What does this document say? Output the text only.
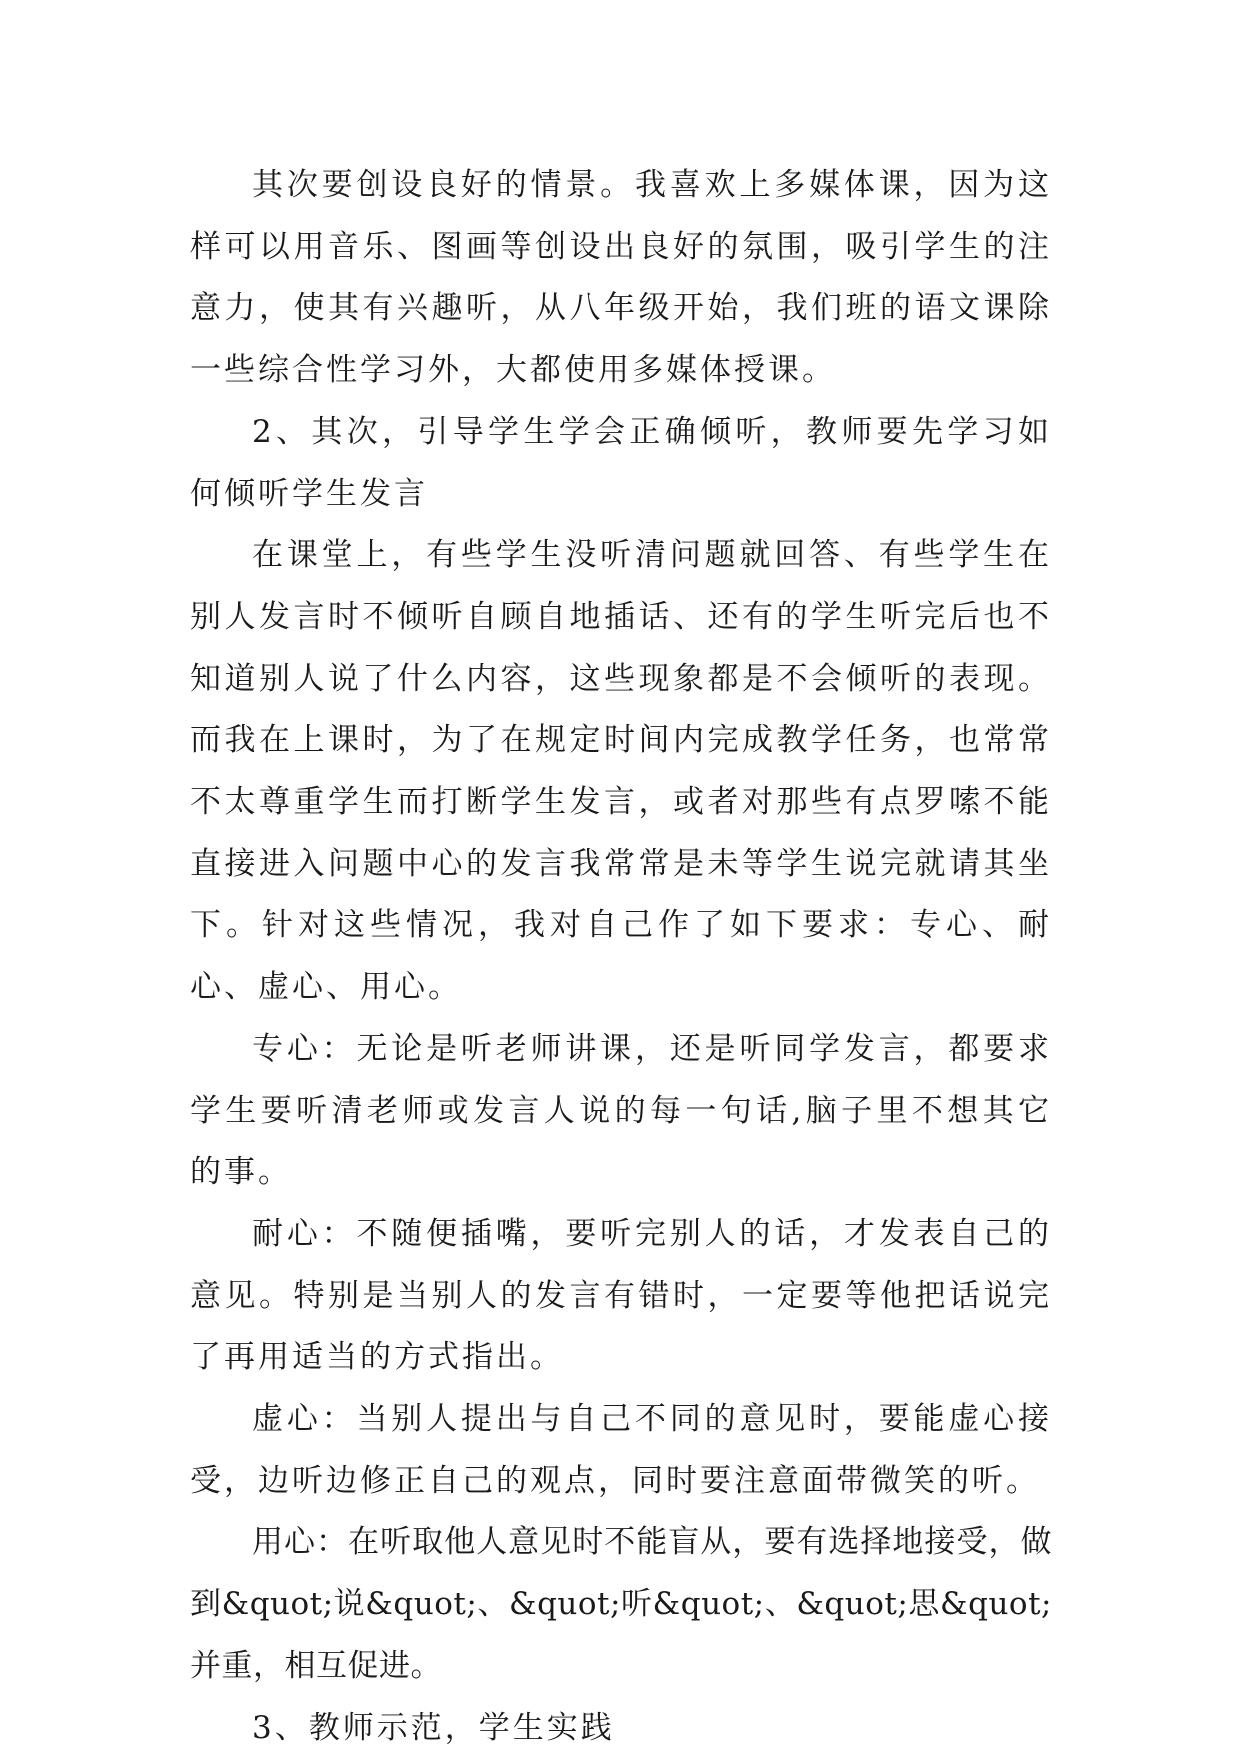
其次要创设良好的情景。我喜欢上多媒体课，因为这样可以用音乐、图画等创设出良好的氛围，吸引学生的注意力，使其有兴趣听，从八年级开始，我们班的语文课除一些综合性学习外，大都使用多媒体授课。

2、其次，引导学生学会正确倾听，教师要先学习如何倾听学生发言

在课堂上，有些学生没听清问题就回答、有些学生在别人发言时不倾听自顾自地插话、还有的学生听完后也不知道别人说了什么内容，这些现象都是不会倾听的表现。而我在上课时，为了在规定时间内完成教学任务，也常常不太尊重学生而打断学生发言，或者对那些有点罗嗦不能直接进入问题中心的发言我常常是未等学生说完就请其坐下。针对这些情况，我对自己作了如下要求：专心、耐心、虚心、用心。

专心：无论是听老师讲课，还是听同学发言，都要求学生要听清老师或发言人说的每一句话,脑子里不想其它的事。

耐心：不随便插嘴，要听完别人的话，才发表自己的意见。特别是当别人的发言有错时，一定要等他把话说完了再用适当的方式指出。

虚心：当别人提出与自己不同的意见时，要能虚心接受，边听边修正自己的观点，同时要注意面带微笑的听。

用心：在听取他人意见时不能盲从，要有选择地接受，做到&quot;说&quot;、&quot;听&quot;、&quot;思&quot;并重，相互促进。

3、教师示范，学生实践
